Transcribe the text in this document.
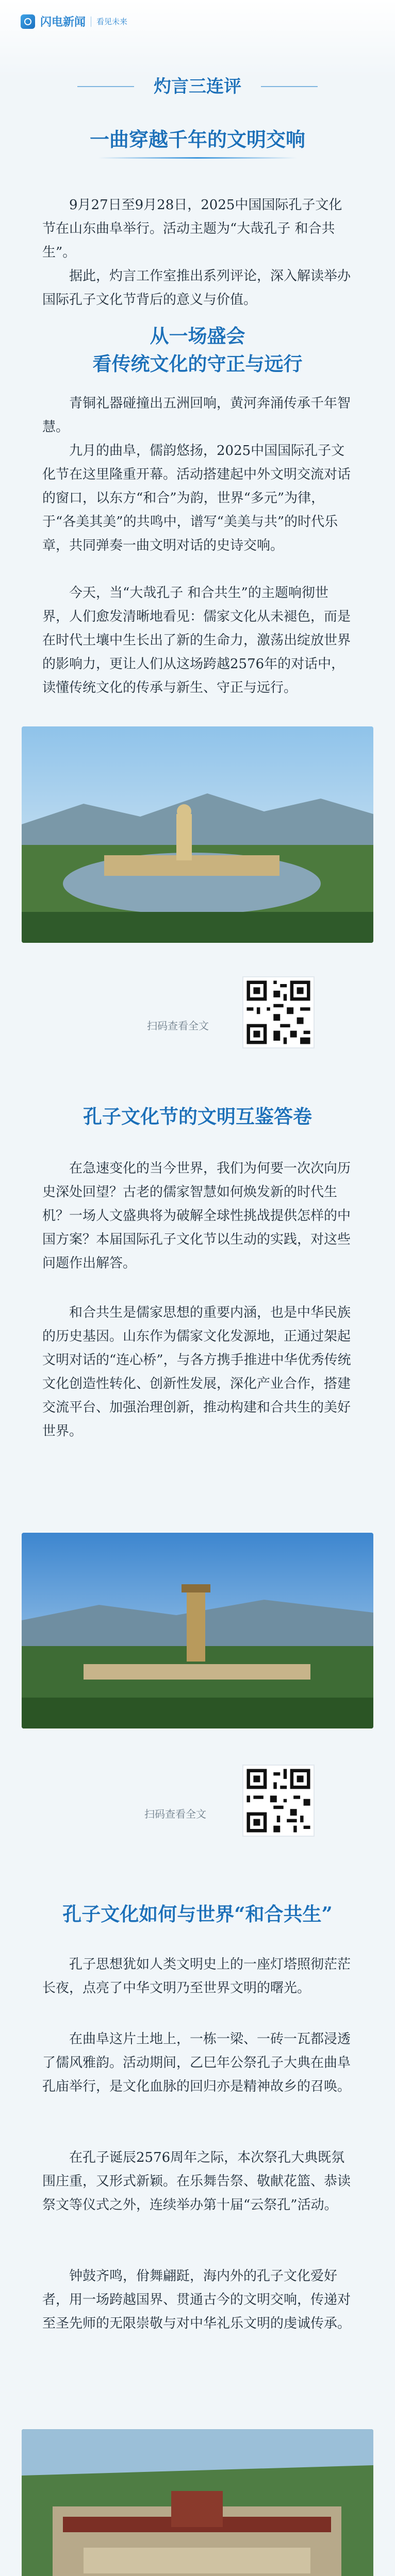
闪电新闻 看见未来
灼言三连评
一曲穿越千年的文明交响

9月27日至9月28日，2025中国国际孔子文化节在山东曲阜举行。活动主题为“大哉孔子 和合共生”。

据此，灼言工作室推出系列评论，深入解读举办国际孔子文化节背后的意义与价值。

从一场盛会
看传统文化的守正与远行

青铜礼器碰撞出五洲回响，黄河奔涌传承千年智慧。

九月的曲阜，儒韵悠扬，2025中国国际孔子文化节在这里隆重开幕。活动搭建起中外文明交流对话的窗口，以东方“和合”为韵，世界“多元”为律，于“各美其美”的共鸣中，谱写“美美与共”的时代乐章，共同弹奏一曲文明对话的史诗交响。

今天，当“大哉孔子 和合共生”的主题响彻世界，人们愈发清晰地看见：儒家文化从未褪色，而是在时代土壤中生长出了新的生命力，激荡出绽放世界的影响力，更让人们从这场跨越2576年的对话中，读懂传统文化的传承与新生、守正与远行。

扫码查看全文
孔子文化节的文明互鉴答卷

在急速变化的当今世界，我们为何要一次次向历史深处回望？古老的儒家智慧如何焕发新的时代生机？一场人文盛典将为破解全球性挑战提供怎样的中国方案？本届国际孔子文化节以生动的实践，对这些问题作出解答。

和合共生是儒家思想的重要内涵，也是中华民族的历史基因。山东作为儒家文化发源地，正通过架起文明对话的“连心桥”，与各方携手推进中华优秀传统文化创造性转化、创新性发展，深化产业合作，搭建交流平台、加强治理创新，推动构建和合共生的美好世界。

扫码查看全文
孔子文化如何与世界“和合共生”

孔子思想犹如人类文明史上的一座灯塔照彻茫茫长夜，点亮了中华文明乃至世界文明的曙光。

在曲阜这片土地上，一栋一梁、一砖一瓦都浸透了儒风雅韵。活动期间，乙巳年公祭孔子大典在曲阜孔庙举行，是文化血脉的回归亦是精神故乡的召唤。

在孔子诞辰2576周年之际，本次祭孔大典既氛围庄重，又形式新颖。在乐舞告祭、敬献花篮、恭读祭文等仪式之外，连续举办第十届“云祭孔”活动。

钟鼓齐鸣，佾舞翩跹，海内外的孔子文化爱好者，用一场跨越国界、贯通古今的文明交响，传递对至圣先师的无限崇敬与对中华礼乐文明的虔诚传承。
